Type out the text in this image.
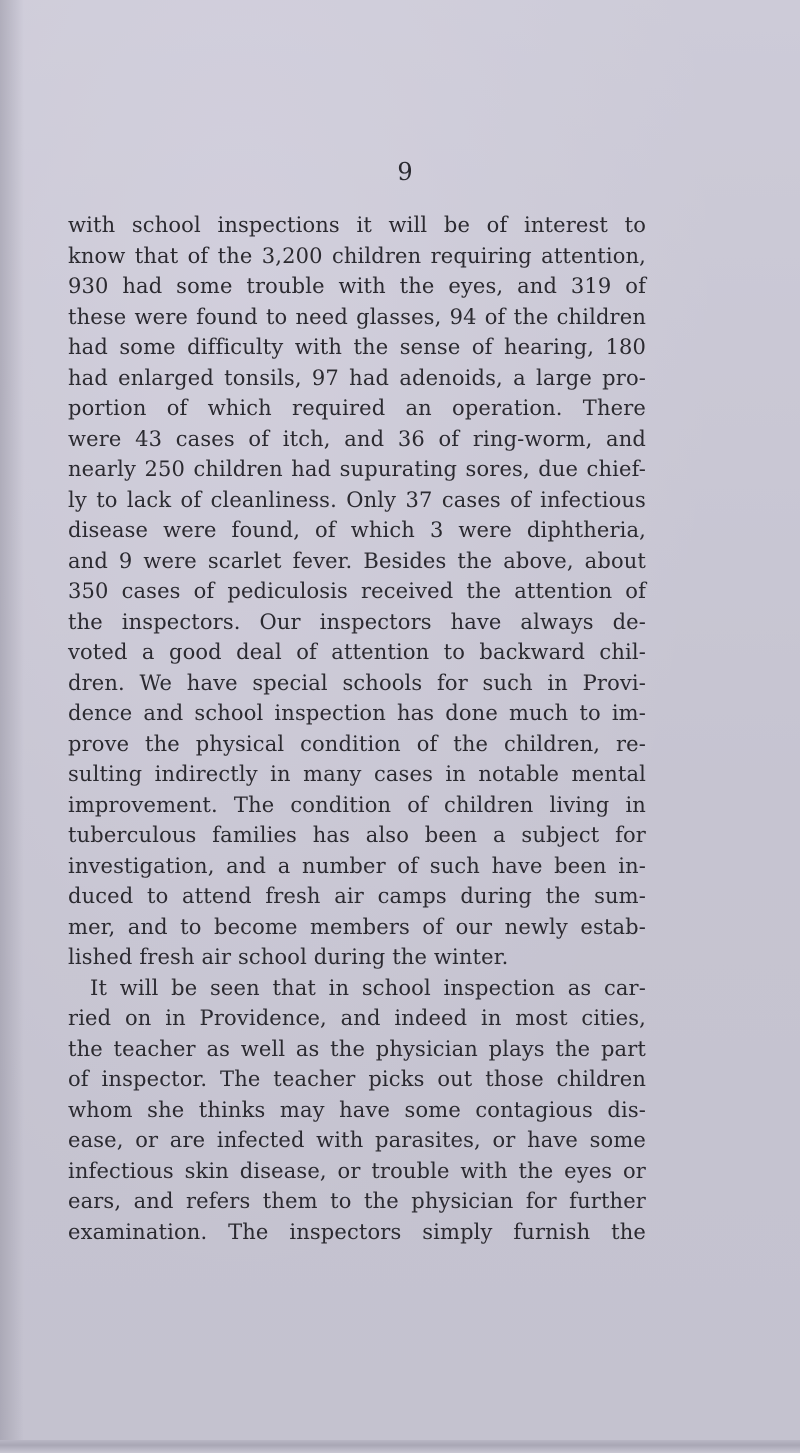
9
with school inspections it will be of interest to
know that of the 3,200 children requiring attention,
930 had some trouble with the eyes, and 319 of
these were found to need glasses, 94 of the children
had some difficulty with the sense of hearing, 180
had enlarged tonsils, 97 had adenoids, a large pro-
portion of which required an operation. There
were 43 cases of itch, and 36 of ring-worm, and
nearly 250 children had supurating sores, due chief-
ly to lack of cleanliness. Only 37 cases of infectious
disease were found, of which 3 were diphtheria,
and 9 were scarlet fever. Besides the above, about
350 cases of pediculosis received the attention of
the inspectors. Our inspectors have always de-
voted a good deal of attention to backward chil-
dren. We have special schools for such in Provi-
dence and school inspection has done much to im-
prove the physical condition of the children, re-
sulting indirectly in many cases in notable mental
improvement. The condition of children living in
tuberculous families has also been a subject for
investigation, and a number of such have been in-
duced to attend fresh air camps during the sum-
mer, and to become members of our newly estab-
lished fresh air school during the winter.
It will be seen that in school inspection as car-
ried on in Providence, and indeed in most cities,
the teacher as well as the physician plays the part
of inspector. The teacher picks out those children
whom she thinks may have some contagious dis-
ease, or are infected with parasites, or have some
infectious skin disease, or trouble with the eyes or
ears, and refers them to the physician for further
examination. The inspectors simply furnish the
